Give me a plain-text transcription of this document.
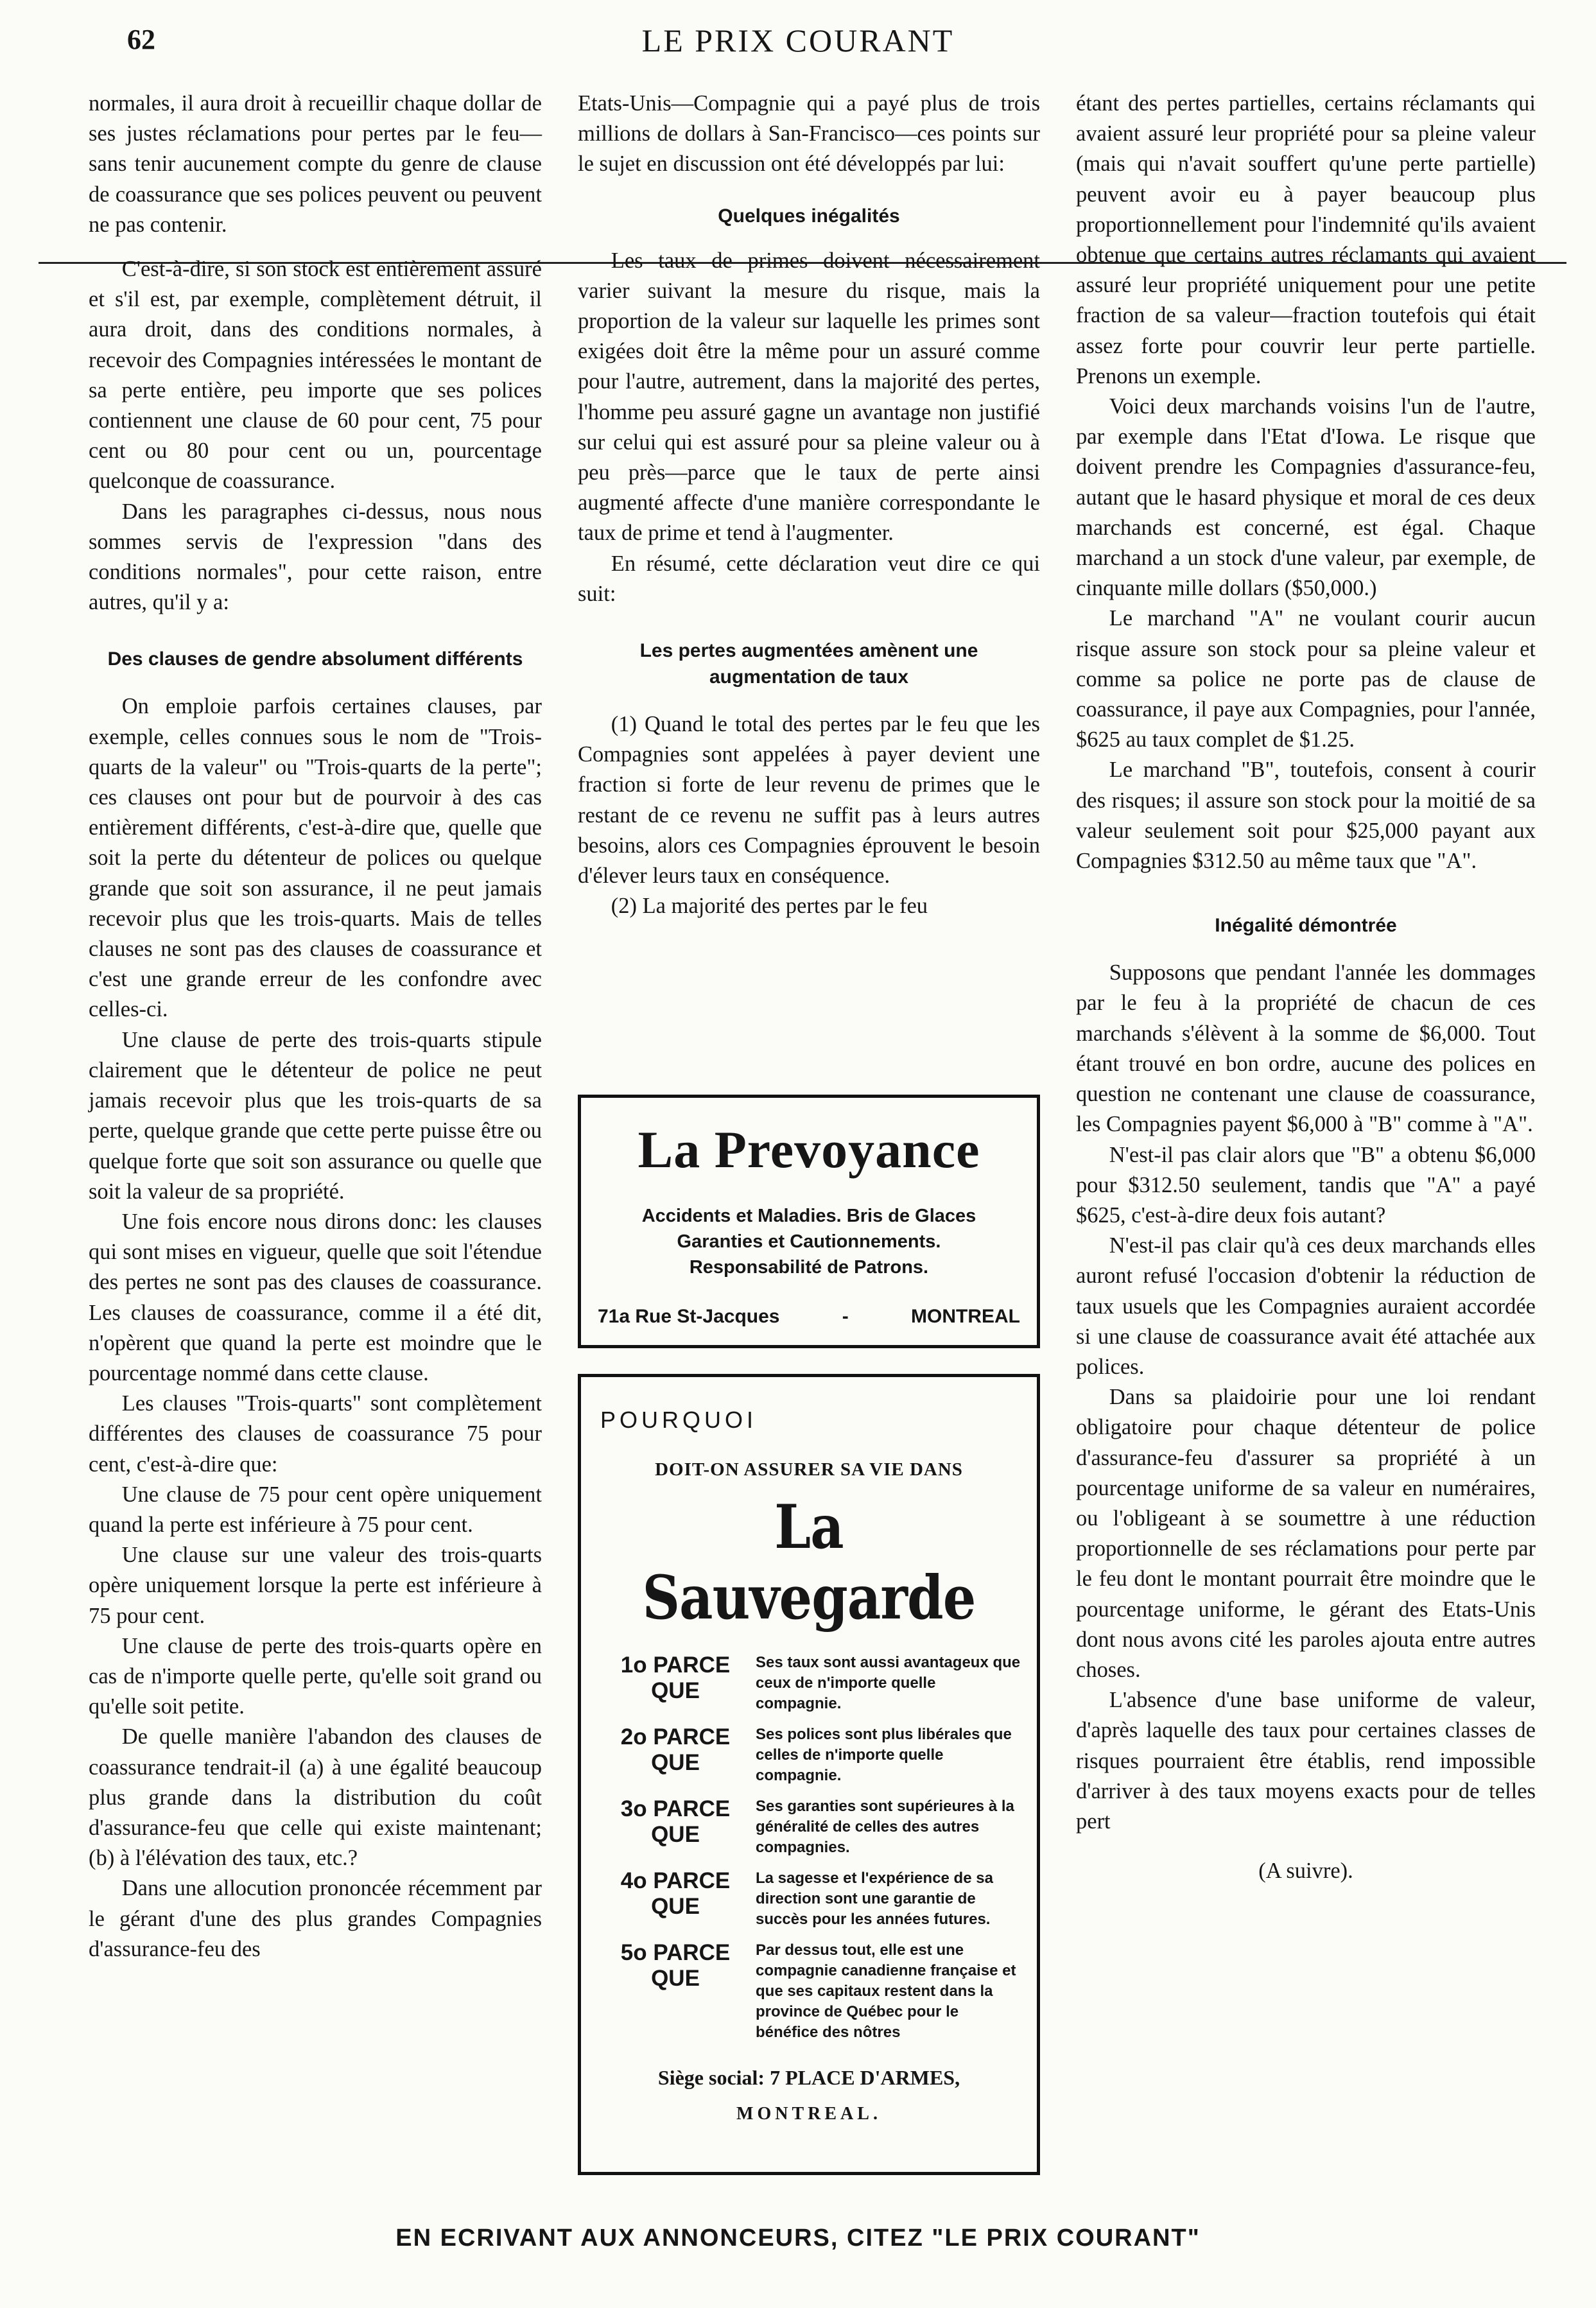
62	LE PRIX COURANT

normales, il aura droit à recueillir chaque dollar de ses justes réclamations pour pertes par le feu—sans tenir aucunement compte du genre de clause de coassurance que ses polices peuvent ou peuvent ne pas contenir.

C'est-à-dire, si son stock est entièrement assuré et s'il est, par exemple, complètement détruit, il aura droit, dans des conditions normales, à recevoir des Compagnies intéressées le montant de sa perte entière, peu importe que ses polices contiennent une clause de 60 pour cent, 75 pour cent ou 80 pour cent ou un, pourcentage quelconque de coassurance.

Dans les paragraphes ci-dessus, nous nous sommes servis de l'expression "dans des conditions normales", pour cette raison, entre autres, qu'il y a:

Des clauses de gendre absolument différents

On emploie parfois certaines clauses, par exemple, celles connues sous le nom de "Trois-quarts de la valeur" ou "Trois-quarts de la perte"; ces clauses ont pour but de pourvoir à des cas entièrement différents, c'est-à-dire que, quelle que soit la perte du détenteur de polices ou quelque grande que soit son assurance, il ne peut jamais recevoir plus que les trois-quarts. Mais de telles clauses ne sont pas des clauses de coassurance et c'est une grande erreur de les confondre avec celles-ci.

Une clause de perte des trois-quarts stipule clairement que le détenteur de police ne peut jamais recevoir plus que les trois-quarts de sa perte, quelque grande que cette perte puisse être ou quelque forte que soit son assurance ou quelle que soit la valeur de sa propriété.

Une fois encore nous dirons donc: les clauses qui sont mises en vigueur, quelle que soit l'étendue des pertes ne sont pas des clauses de coassurance. Les clauses de coassurance, comme il a été dit, n'opèrent que quand la perte est moindre que le pourcentage nommé dans cette clause.

Les clauses "Trois-quarts" sont complètement différentes des clauses de coassurance 75 pour cent, c'est-à-dire que:

Une clause de 75 pour cent opère uniquement quand la perte est inférieure à 75 pour cent.

Une clause sur une valeur des trois-quarts opère uniquement lorsque la perte est inférieure à 75 pour cent.

Une clause de perte des trois-quarts opère en cas de n'importe quelle perte, qu'elle soit grand ou qu'elle soit petite.

De quelle manière l'abandon des clauses de coassurance tendrait-il (a) à une égalité beaucoup plus grande dans la distribution du coût d'assurance-feu que celle qui existe maintenant; (b) à l'élévation des taux, etc.?

Dans une allocution prononcée récemment par le gérant d'une des plus grandes Compagnies d'assurance-feu des

Etats-Unis—Compagnie qui a payé plus de trois millions de dollars à San-Francisco—ces points sur le sujet en discussion ont été développés par lui:

Quelques inégalités

Les taux de primes doivent nécessairement varier suivant la mesure du risque, mais la proportion de la valeur sur laquelle les primes sont exigées doit être la même pour un assuré comme pour l'autre, autrement, dans la majorité des pertes, l'homme peu assuré gagne un avantage non justifié sur celui qui est assuré pour sa pleine valeur ou à peu près—parce que le taux de perte ainsi augmenté affecte d'une manière correspondante le taux de prime et tend à l'augmenter.

En résumé, cette déclaration veut dire ce qui suit:

Les pertes augmentées amènent une augmentation de taux

(1) Quand le total des pertes par le feu que les Compagnies sont appelées à payer devient une fraction si forte de leur revenu de primes que le restant de ce revenu ne suffit pas à leurs autres besoins, alors ces Compagnies éprouvent le besoin d'élever leurs taux en conséquence.

(2) La majorité des pertes par le feu

La Prevoyance
Accidents et Maladies. Bris de Glaces
Garanties et Cautionnements.
Responsabilité de Patrons.
71a Rue St-Jacques	-	MONTREAL
POURQUOI
DOIT-ON ASSURER SA VIE DANS
La Sauvegarde
1o PARCE QUE
Ses taux sont aussi avantageux que ceux de n'importe quelle compagnie.
2o PARCE QUE
Ses polices sont plus libérales que celles de n'importe quelle compagnie.
3o PARCE QUE
Ses garanties sont supérieures à la généralité de celles des autres compagnies.
4o PARCE QUE
La sagesse et l'expérience de sa direction sont une garantie de succès pour les années futures.
5o PARCE QUE
Par dessus tout, elle est une compagnie canadienne française et que ses capitaux restent dans la province de Québec pour le bénéfice des nôtres
Siège social: 7 PLACE D'ARMES,
MONTREAL.

étant des pertes partielles, certains réclamants qui avaient assuré leur propriété pour sa pleine valeur (mais qui n'avait souffert qu'une perte partielle) peuvent avoir eu à payer beaucoup plus proportionnellement pour l'indemnité qu'ils avaient obtenue que certains autres réclamants qui avaient assuré leur propriété uniquement pour une petite fraction de sa valeur—fraction toutefois qui était assez forte pour couvrir leur perte partielle. Prenons un exemple.

Voici deux marchands voisins l'un de l'autre, par exemple dans l'Etat d'Iowa. Le risque que doivent prendre les Compagnies d'assurance-feu, autant que le hasard physique et moral de ces deux marchands est concerné, est égal. Chaque marchand a un stock d'une valeur, par exemple, de cinquante mille dollars ($50,000.)

Le marchand "A" ne voulant courir aucun risque assure son stock pour sa pleine valeur et comme sa police ne porte pas de clause de coassurance, il paye aux Compagnies, pour l'année, $625 au taux complet de $1.25.

Le marchand "B", toutefois, consent à courir des risques; il assure son stock pour la moitié de sa valeur seulement soit pour $25,000 payant aux Compagnies $312.50 au même taux que "A".

Inégalité démontrée

Supposons que pendant l'année les dommages par le feu à la propriété de chacun de ces marchands s'élèvent à la somme de $6,000. Tout étant trouvé en bon ordre, aucune des polices en question ne contenant une clause de coassurance, les Compagnies payent $6,000 à "B" comme à "A".

N'est-il pas clair alors que "B" a obtenu $6,000 pour $312.50 seulement, tandis que "A" a payé $625, c'est-à-dire deux fois autant?

N'est-il pas clair qu'à ces deux marchands elles auront refusé l'occasion d'obtenir la réduction de taux usuels que les Compagnies auraient accordée si une clause de coassurance avait été attachée aux polices.

Dans sa plaidoirie pour une loi rendant obligatoire pour chaque détenteur de police d'assurance-feu d'assurer sa propriété à un pourcentage uniforme de sa valeur en numéraires, ou l'obligeant à se soumettre à une réduction proportionnelle de ses réclamations pour perte par le feu dont le montant pourrait être moindre que le pourcentage uniforme, le gérant des Etats-Unis dont nous avons cité les paroles ajouta entre autres choses.

L'absence d'une base uniforme de valeur, d'après laquelle des taux pour certaines classes de risques pourraient être établis, rend impossible d'arriver à des taux moyens exacts pour de telles pert

(A suivre).

EN ECRIVANT AUX ANNONCEURS, CITEZ "LE PRIX COURANT"
